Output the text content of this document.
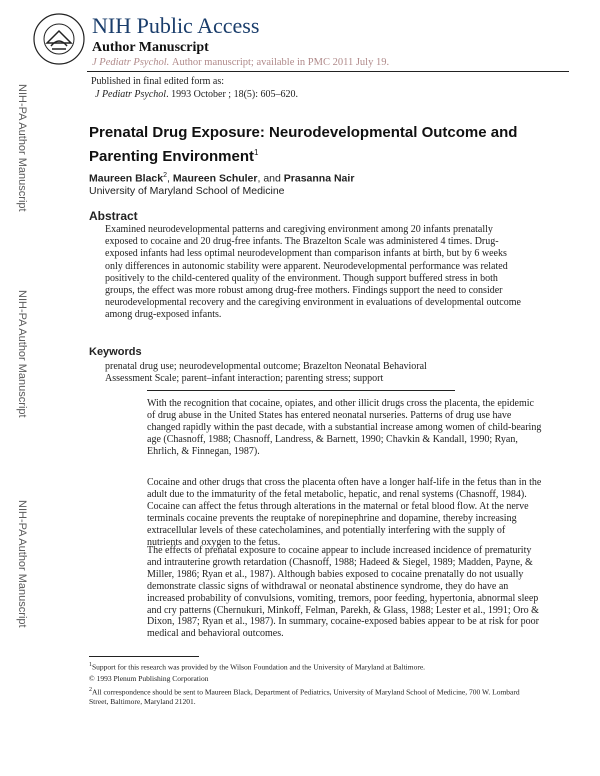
NIH Public Access
Author Manuscript
J Pediatr Psychol. Author manuscript; available in PMC 2011 July 19.
Published in final edited form as:
J Pediatr Psychol. 1993 October ; 18(5): 605–620.
NIH-PA Author Manuscript
NIH-PA Author Manuscript
NIH-PA Author Manuscript
Prenatal Drug Exposure: Neurodevelopmental Outcome and Parenting Environment$^1$
Maureen Black$^2$, Maureen Schuler, and Prasanna Nair
University of Maryland School of Medicine
Abstract
Examined neurodevelopmental patterns and caregiving environment among 20 infants prenatally exposed to cocaine and 20 drug-free infants. The Brazelton Scale was administered 4 times. Drug-exposed infants had less optimal neurodevelopment than comparison infants at birth, but by 6 weeks only differences in autonomic stability were apparent. Neurodevelopmental performance was related positively to the child-centered quality of the environment. Though support buffered stress in both groups, the effect was more robust among drug-free mothers. Findings support the need to consider neurodevelopmental recovery and the caregiving environment in evaluations of developmental outcome among drug-exposed infants.
Keywords
prenatal drug use; neurodevelopmental outcome; Brazelton Neonatal Behavioral Assessment Scale; parent–infant interaction; parenting stress; support

With the recognition that cocaine, opiates, and other illicit drugs cross the placenta, the epidemic of drug abuse in the United States has entered neonatal nurseries. Patterns of drug use have changed rapidly within the past decade, with a substantial increase among women of child-bearing age (Chasnoff, 1988; Chasnoff, Landress, & Barnett, 1990; Chavkin & Kandall, 1990; Ryan, Ehrlich, & Finnegan, 1987).

Cocaine and other drugs that cross the placenta often have a longer half-life in the fetus than in the adult due to the immaturity of the fetal metabolic, hepatic, and renal systems (Chasnoff, 1984). Cocaine can affect the fetus through alterations in the maternal or fetal blood flow. At the nerve terminals cocaine prevents the reuptake of norepinephrine and dopamine, thereby increasing extracellular levels of these catecholamines, and potentially interfering with the supply of nutrients and oxygen to the fetus.

The effects of prenatal exposure to cocaine appear to include increased incidence of prematurity and intrauterine growth retardation (Chasnoff, 1988; Hadeed & Siegel, 1989; Madden, Payne, & Miller, 1986; Ryan et al., 1987). Although babies exposed to cocaine prenatally do not usually demonstrate classic signs of withdrawal or neonatal abstinence syndrome, they do have an increased probability of convulsions, vomiting, tremors, poor feeding, hypertonia, abnormal sleep and cry patterns (Chernukuri, Minkoff, Felman, Parekh, & Glass, 1988; Lester et al., 1991; Oro & Dixon, 1987; Ryan et al., 1987). In summary, cocaine-exposed babies appear to be at risk for poor medical and behavioral outcomes.

$^1$Support for this research was provided by the Wilson Foundation and the University of Maryland at Baltimore.
© 1993 Plenum Publishing Corporation
$^2$All correspondence should be sent to Maureen Black, Department of Pediatrics, University of Maryland School of Medicine, 700 W. Lombard Street, Baltimore, Maryland 21201.
